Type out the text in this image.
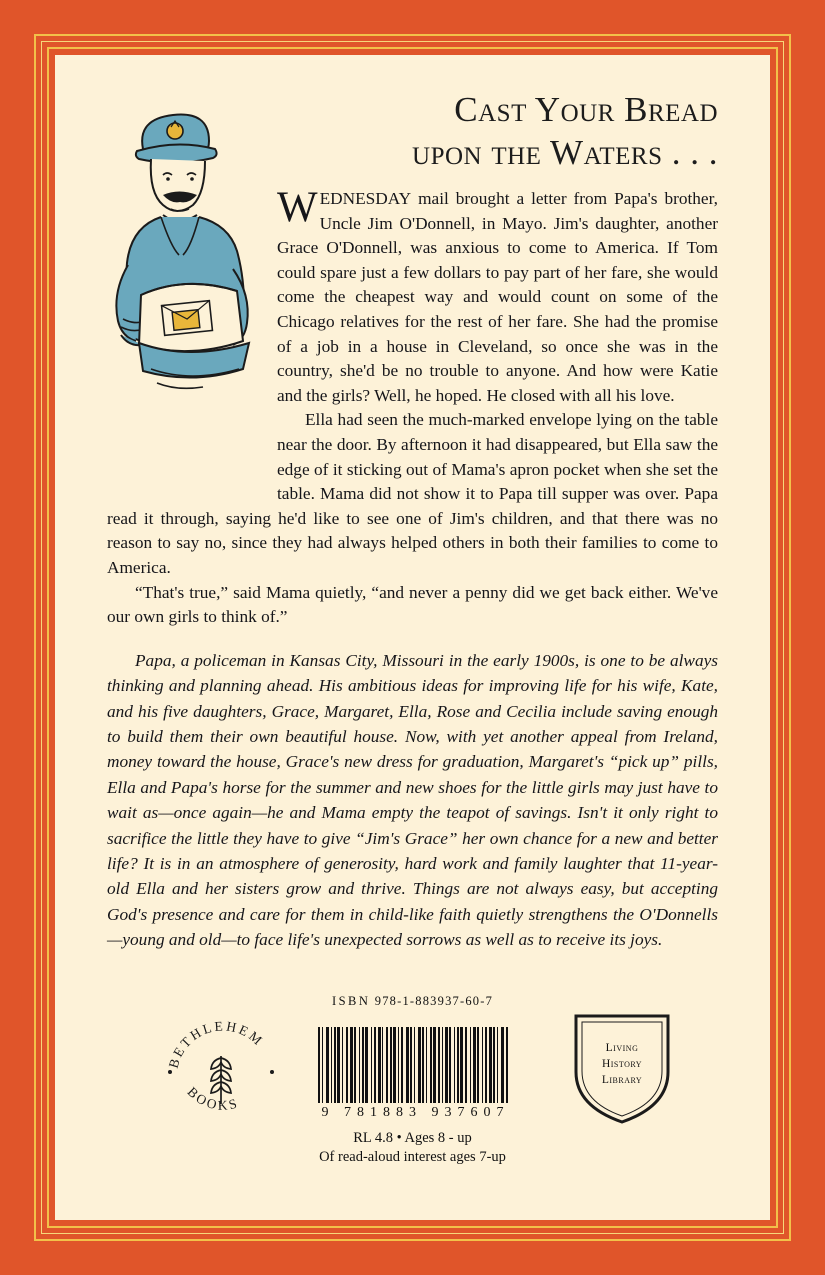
Cast Your Bread
upon the Waters . . .

WEDNESDAY mail brought a letter from Papa's brother, Uncle Jim O'Donnell, in Mayo. Jim's daughter, another Grace O'Donnell, was anxious to come to America. If Tom could spare just a few dollars to pay part of her fare, she would come the cheapest way and would count on some of the Chicago relatives for the rest of her fare. She had the promise of a job in a house in Cleveland, so once she was in the country, she'd be no trouble to anyone. And how were Katie and the girls? Well, he hoped. He closed with all his love.

Ella had seen the much-marked envelope lying on the table near the door. By afternoon it had disappeared, but Ella saw the edge of it sticking out of Mama's apron pocket when she set the table. Mama did not show it to Papa till supper was over. Papa read it through, saying he'd like to see one of Jim's children, and that there was no reason to say no, since they had always helped others in both their families to come to America.

“That's true,” said Mama quietly, “and never a penny did we get back either. We've our own girls to think of.”

Papa, a policeman in Kansas City, Missouri in the early 1900s, is one to be always thinking and planning ahead. His ambitious ideas for improving life for his wife, Kate, and his five daughters, Grace, Margaret, Ella, Rose and Cecilia include saving enough to build them their own beautiful house. Now, with yet another appeal from Ireland, money toward the house, Grace's new dress for graduation, Margaret's “pick up” pills, Ella and Papa's horse for the summer and new shoes for the little girls may just have to wait as—once again—he and Mama empty the teapot of savings. Isn't it only right to sacrifice the little they have to give “Jim's Grace” her own chance for a new and better life? It is in an atmosphere of generosity, hard work and family laughter that 11-year-old Ella and her sisters grow and thrive. Things are not always easy, but accepting God's presence and care for them in child-like faith quietly strengthens the O'Donnells—young and old—to face life's unexpected sorrows as well as to receive its joys.

BETHLEHEM
BOOKS
ISBN 978-1-883937-60-7

9 781883 937607
RL 4.8 • Ages 8 - up
Of read-aloud interest ages 7-up
Living
History
Library
